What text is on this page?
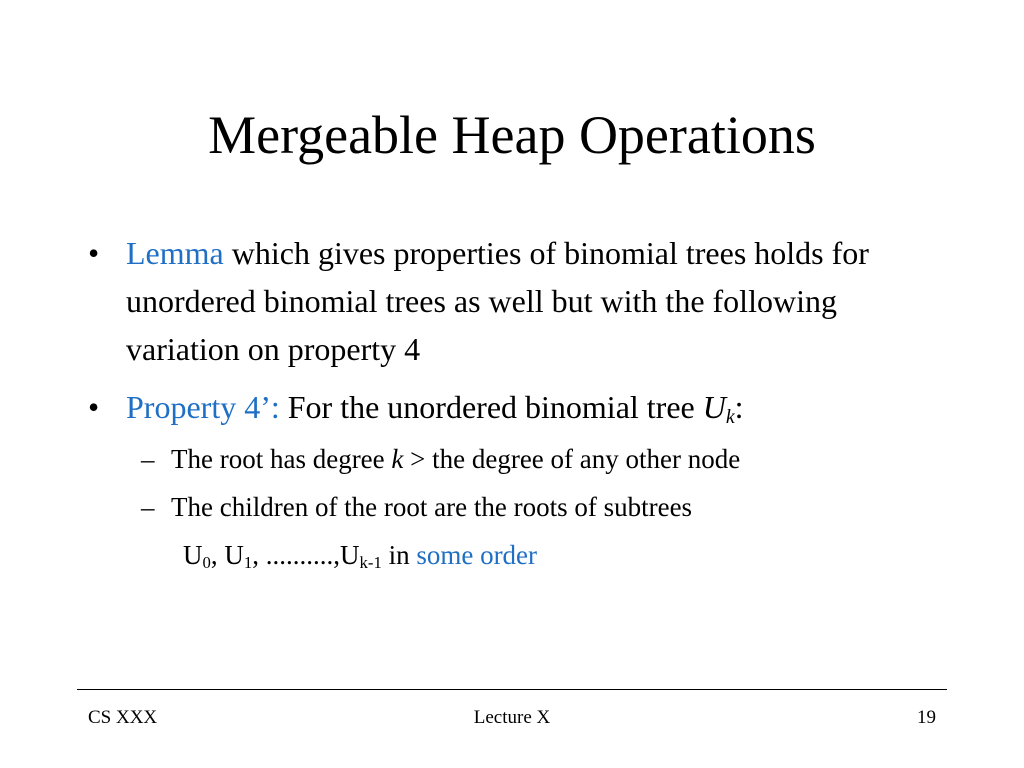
Mergeable Heap Operations
• Lemma which gives properties of binomial trees holds for unordered binomial trees as well but with the following variation on property 4
• Property 4’: For the unordered binomial tree $U_k$:
– The root has degree k > the degree of any other node
– The children of the root are the roots of subtrees
$U_0$, $U_1$, $..........,U_{k-1}$ in some order
CS XXX	Lecture X	19
